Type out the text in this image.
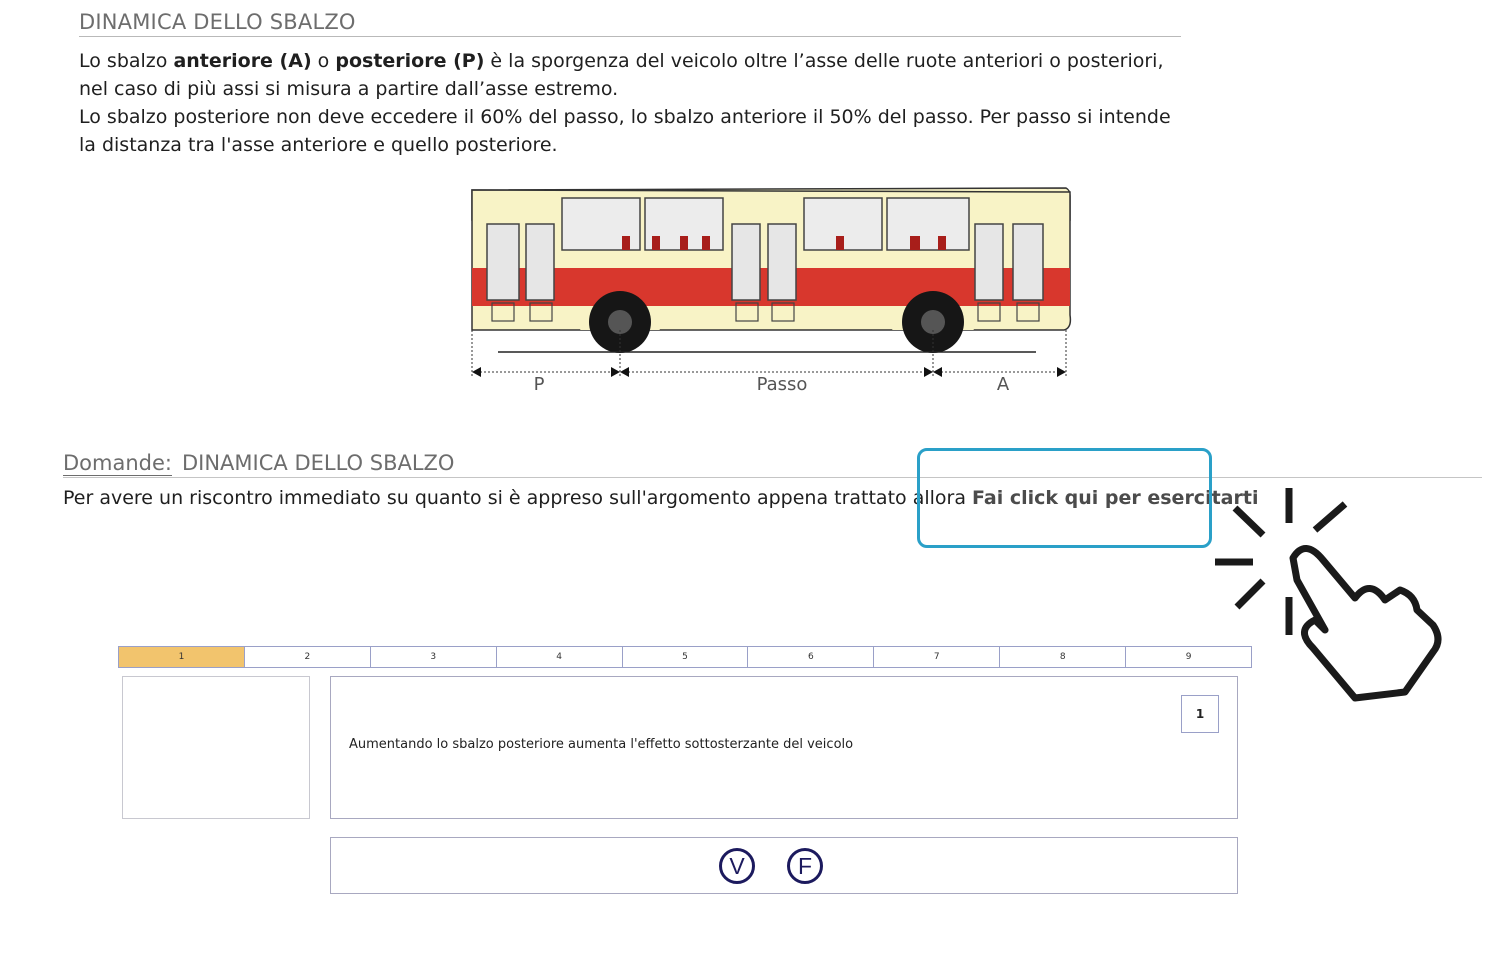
DINAMICA DELLO SBALZO

Lo sbalzo anteriore (A) o posteriore (P) è la sporgenza del veicolo oltre l’asse delle ruote anteriori o posteriori, nel caso di più assi si misura a partire dall’asse estremo.

Lo sbalzo posteriore non deve eccedere il 60% del passo, lo sbalzo anteriore il 50% del passo. Per passo si intende la distanza tra l'asse anteriore e quello posteriore.

P	Passo	A
Domande: DINAMICA DELLO SBALZO
Per avere un riscontro immediato su quanto si è appreso sull'argomento appena trattato allora Fai click qui per esercitarti
1	2	3	4	5	6	7	8	9
Aumentando lo sbalzo posteriore aumenta l'effetto sottosterzante del veicolo
1
V	F
